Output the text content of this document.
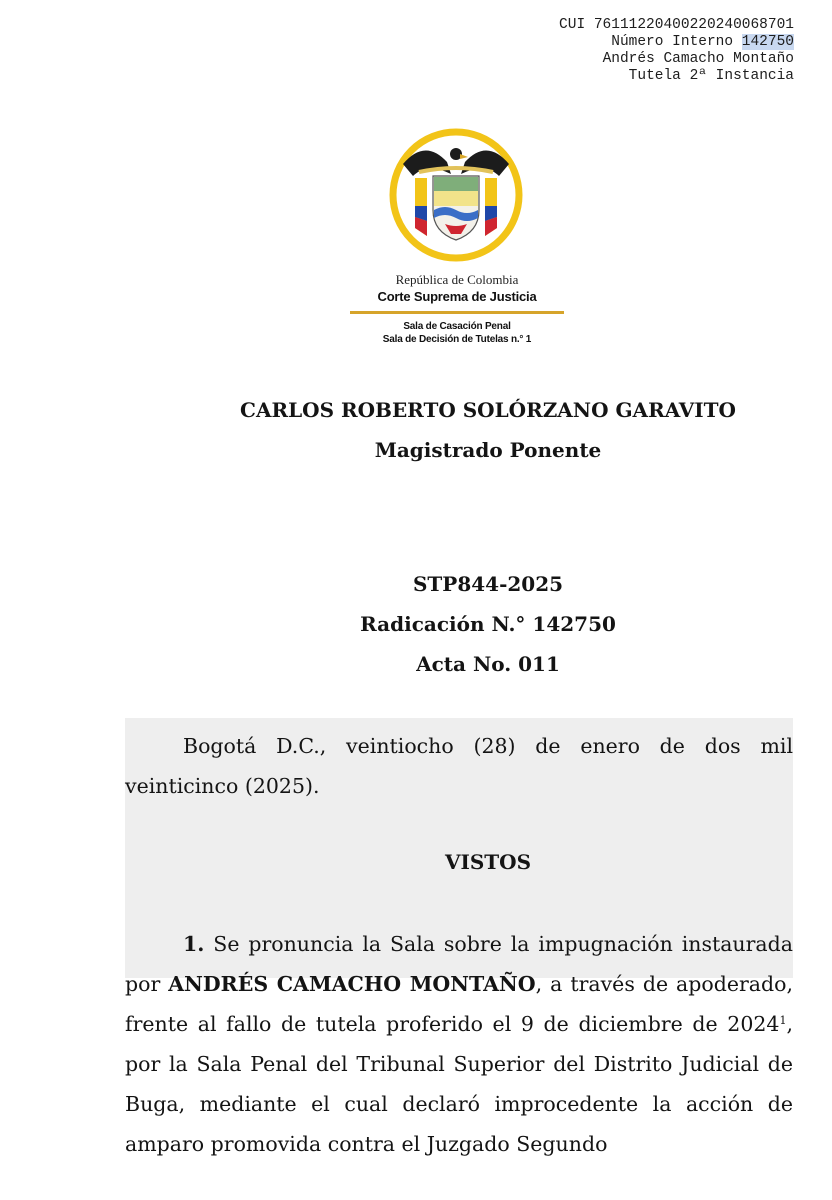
CUI 76111220400220240068701
Número Interno 142750
Andrés Camacho Montaño
Tutela 2ª Instancia
República de Colombia
Corte Suprema de Justicia
Sala de Casación Penal
Sala de Decisión de Tutelas n.° 1
CARLOS ROBERTO SOLÓRZANO GARAVITO
Magistrado Ponente
STP844-2025
Radicación N.° 142750
Acta No. 011
Bogotá D.C., veintiocho (28) de enero de dos mil veinticinco (2025).
VISTOS
1. Se pronuncia la Sala sobre la impugnación instaurada por ANDRÉS CAMACHO MONTAÑO, a través de apoderado, frente al fallo de tutela proferido el 9 de diciembre de 2024$^1$, por la Sala Penal del Tribunal Superior del Distrito Judicial de Buga, mediante el cual declaró improcedente la acción de amparo promovida contra el Juzgado Segundo
